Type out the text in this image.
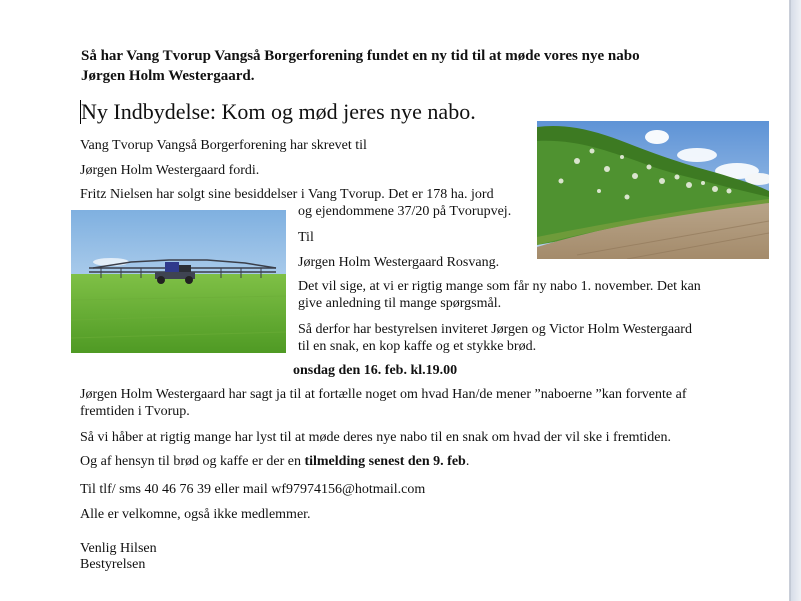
Så har Vang Tvorup Vangså Borgerforening fundet en ny tid til at møde vores nye nabo

Jørgen Holm Westergaard.

Ny Indbydelse: Kom og mød jeres nye nabo.

Vang Tvorup Vangså Borgerforening har skrevet til

Jørgen Holm Westergaard fordi.

Fritz Nielsen har solgt sine besiddelser i Vang Tvorup. Det er 178 ha. jord

og ejendommene 37/20 på Tvorupvej.

Til

Jørgen Holm Westergaard Rosvang.

Det vil sige, at vi er rigtig mange som får ny nabo 1. november. Det kan

give anledning til mange spørgsmål.

Så derfor har bestyrelsen inviteret Jørgen og Victor Holm Westergaard

til en snak, en kop kaffe og et stykke brød.

onsdag den 16. feb. kl.19.00

Jørgen Holm Westergaard har sagt ja til at fortælle noget om hvad Han/de mener ”naboerne ”kan forvente af

fremtiden i Tvorup.

Så vi håber at rigtig mange har lyst til at møde deres nye nabo til en snak om hvad der vil ske i fremtiden.

Og af hensyn til brød og kaffe er der en tilmelding senest den 9. feb.

Til tlf/ sms 40 46 76 39 eller mail wf97974156@hotmail.com

Alle er velkomne, også ikke medlemmer.

Venlig Hilsen

Bestyrelsen
